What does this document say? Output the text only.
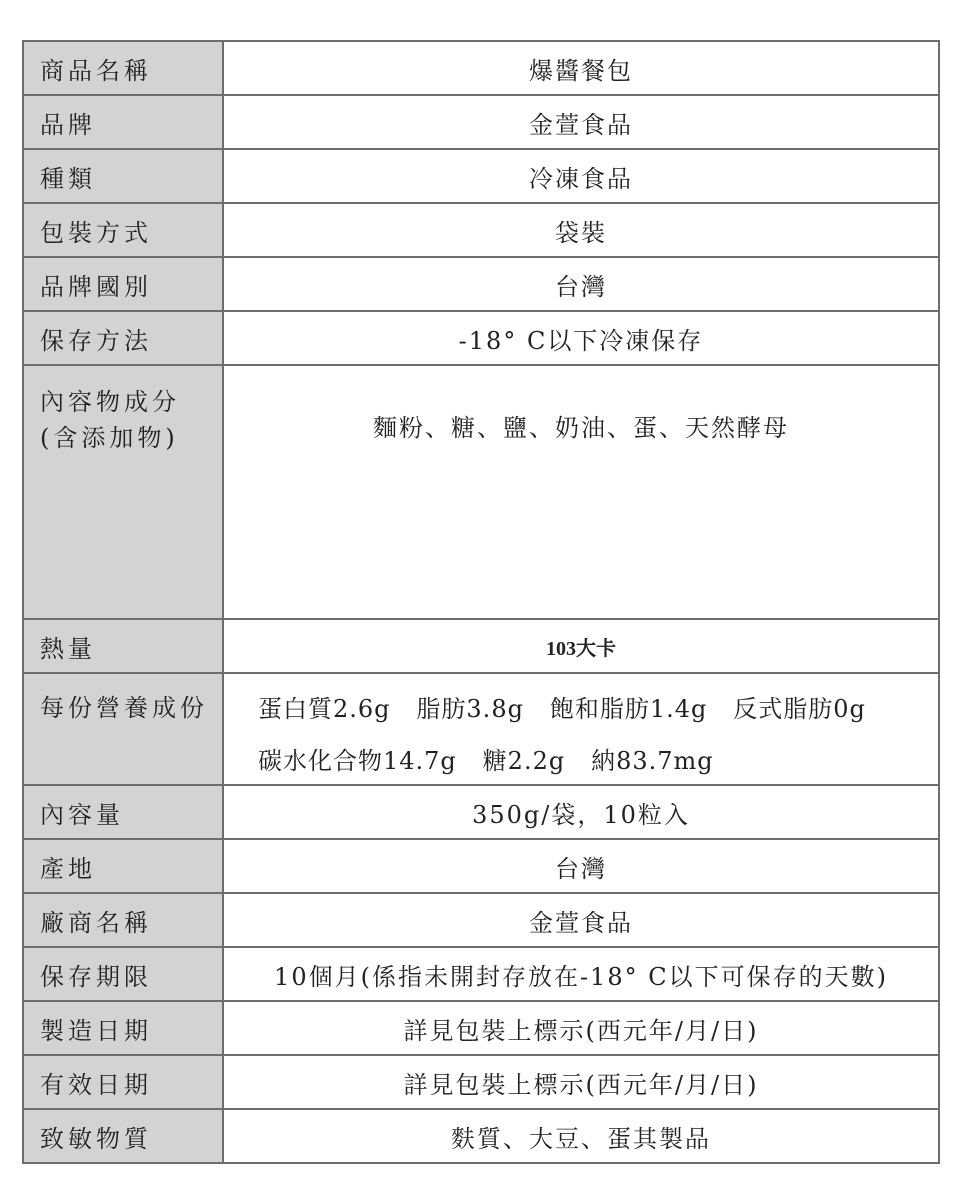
商品名稱	爆醬餐包
品牌	金萱食品
種類	冷凍食品
包裝方式	袋裝
品牌國別	台灣
保存方法	-18° C以下冷凍保存
內容物成分
(含添加物)	麵粉、糖、鹽、奶油、蛋、天然酵母
熱量	103大卡
每份營養成份	蛋白質2.6g   脂肪3.8g   飽和脂肪1.4g   反式脂肪0g
碳水化合物14.7g   糖2.2g   納83.7mg
內容量	350g/袋，10粒入
產地	台灣
廠商名稱	金萱食品
保存期限	10個月(係指未開封存放在-18° C以下可保存的天數)
製造日期	詳見包裝上標示(西元年/月/日)
有效日期	詳見包裝上標示(西元年/月/日)
致敏物質	麩質、大豆、蛋其製品
